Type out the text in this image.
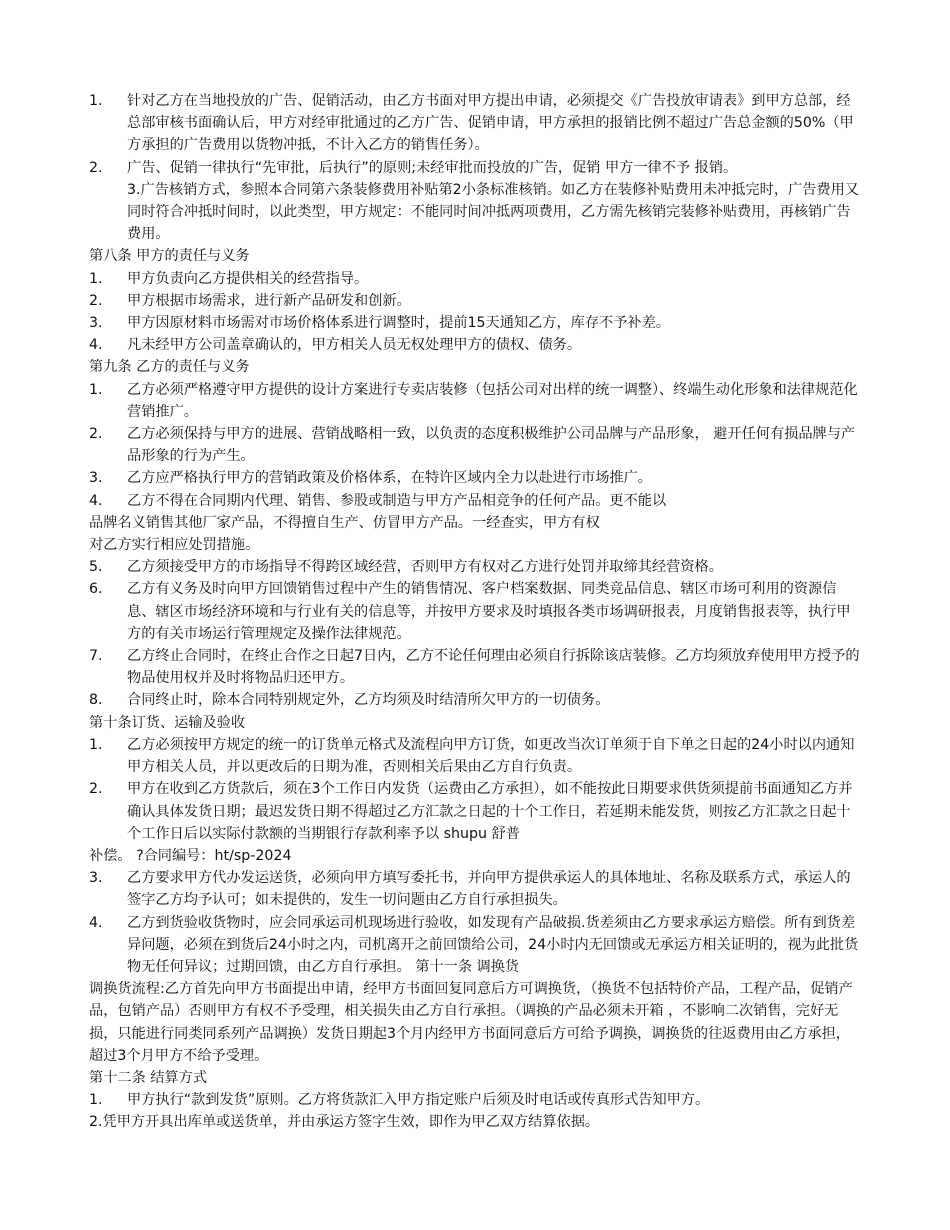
1. 针对乙方在当地投放的广告、促销活动，由乙方书面对甲方提出申请，必须提交《广告投放审请表》到甲方总部，经总部审核书面确认后，甲方对经审批通过的乙方广告、促销申请，甲方承担的报销比例不超过广告总金额的50%（甲方承担的广告费用以货物冲抵，不计入乙方的销售任务）。

2. 广告、促销一律执行“先审批，后执行”的原则;未经审批而投放的广告，促销 甲方一律不予 报销。

3.广告核销方式，参照本合同第六条装修费用补贴第2小条标准核销。如乙方在装修补贴费用未冲抵完时，广告费用又同时符合冲抵时间时，以此类型，甲方规定：不能同时间冲抵两项费用，乙方需先核销完装修补贴费用，再核销广告费用。

第八条 甲方的责任与义务

1. 甲方负责向乙方提供相关的经营指导。

2. 甲方根据市场需求，进行新产品研发和创新。

3. 甲方因原材料市场需对市场价格体系进行调整时，提前15天通知乙方，库存不予补差。

4. 凡未经甲方公司盖章确认的，甲方相关人员无权处理甲方的债权、债务。

第九条 乙方的责任与义务

1. 乙方必须严格遵守甲方提供的设计方案进行专卖店装修（包括公司对出样的统一调整）、终端生动化形象和法律规范化营销推广。

2. 乙方必须保持与甲方的进展、营销战略相一致，以负责的态度积极维护公司品牌与产品形象， 避开任何有损品牌与产品形象的行为产生。

3. 乙方应严格执行甲方的营销政策及价格体系，在特许区域内全力以赴进行市场推广。

4. 乙方不得在合同期内代理、销售、参股或制造与甲方产品相竞争的任何产品。更不能以

品牌名义销售其他厂家产品，不得擅自生产、仿冒甲方产品。一经查实，甲方有权

对乙方实行相应处罚措施。

5. 乙方须接受甲方的市场指导不得跨区域经营，否则甲方有权对乙方进行处罚并取缔其经营资格。

6. 乙方有义务及时向甲方回馈销售过程中产生的销售情况、客户档案数据、同类竞品信息、辖区市场可利用的资源信息、辖区市场经济环境和与行业有关的信息等，并按甲方要求及时填报各类市场调研报表，月度销售报表等，执行甲方的有关市场运行管理规定及操作法律规范。

7. 乙方终止合同时，在终止合作之日起7日内，乙方不论任何理由必须自行拆除该店装修。乙方均须放弃使用甲方授予的物品使用权并及时将物品归还甲方。

8. 合同终止时，除本合同特别规定外，乙方均须及时结清所欠甲方的一切债务。

第十条订货、运输及验收

1. 乙方必须按甲方规定的统一的订货单元格式及流程向甲方订货，如更改当次订单须于自下单之日起的24小时以内通知甲方相关人员，并以更改后的日期为准，否则相关后果由乙方自行负责。

2. 甲方在收到乙方货款后，须在3个工作日内发货（运费由乙方承担），如不能按此日期要求供货须提前书面通知乙方并确认具体发货日期；最迟发货日期不得超过乙方汇款之日起的十个工作日，若延期未能发货，则按乙方汇款之日起十个工作日后以实际付款额的当期银行存款利率予以 shupu 舒普

补偿。 ?合同编号：ht/sp-2024

3. 乙方要求甲方代办发运送货，必须向甲方填写委托书，并向甲方提供承运人的具体地址、名称及联系方式，承运人的签字乙方均予认可；如未提供的，发生一切问题由乙方自行承担损失。

4. 乙方到货验收货物时，应会同承运司机现场进行验收，如发现有产品破损.货差须由乙方要求承运方赔偿。所有到货差异问题，必须在到货后24小时之内，司机离开之前回馈给公司，24小时内无回馈或无承运方相关证明的，视为此批货物无任何异议；过期回馈，由乙方自行承担。 第十一条 调换货

调换货流程:乙方首先向甲方书面提出申请，经甲方书面回复同意后方可调换货，（换货不包括特价产品，工程产品，促销产品，包销产品）否则甲方有权不予受理，相关损失由乙方自行承担。（调换的产品必须未开箱 ，不影响二次销售，完好无损，只能进行同类同系列产品调换）发货日期起3个月内经甲方书面同意后方可给予调换，调换货的往返费用由乙方承担，超过3个月甲方不给予受理。

第十二条 结算方式

1. 甲方执行“款到发货”原则。乙方将货款汇入甲方指定账户后须及时电话或传真形式告知甲方。

2.凭甲方开具出库单或送货单，并由承运方签字生效，即作为甲乙双方结算依据。
